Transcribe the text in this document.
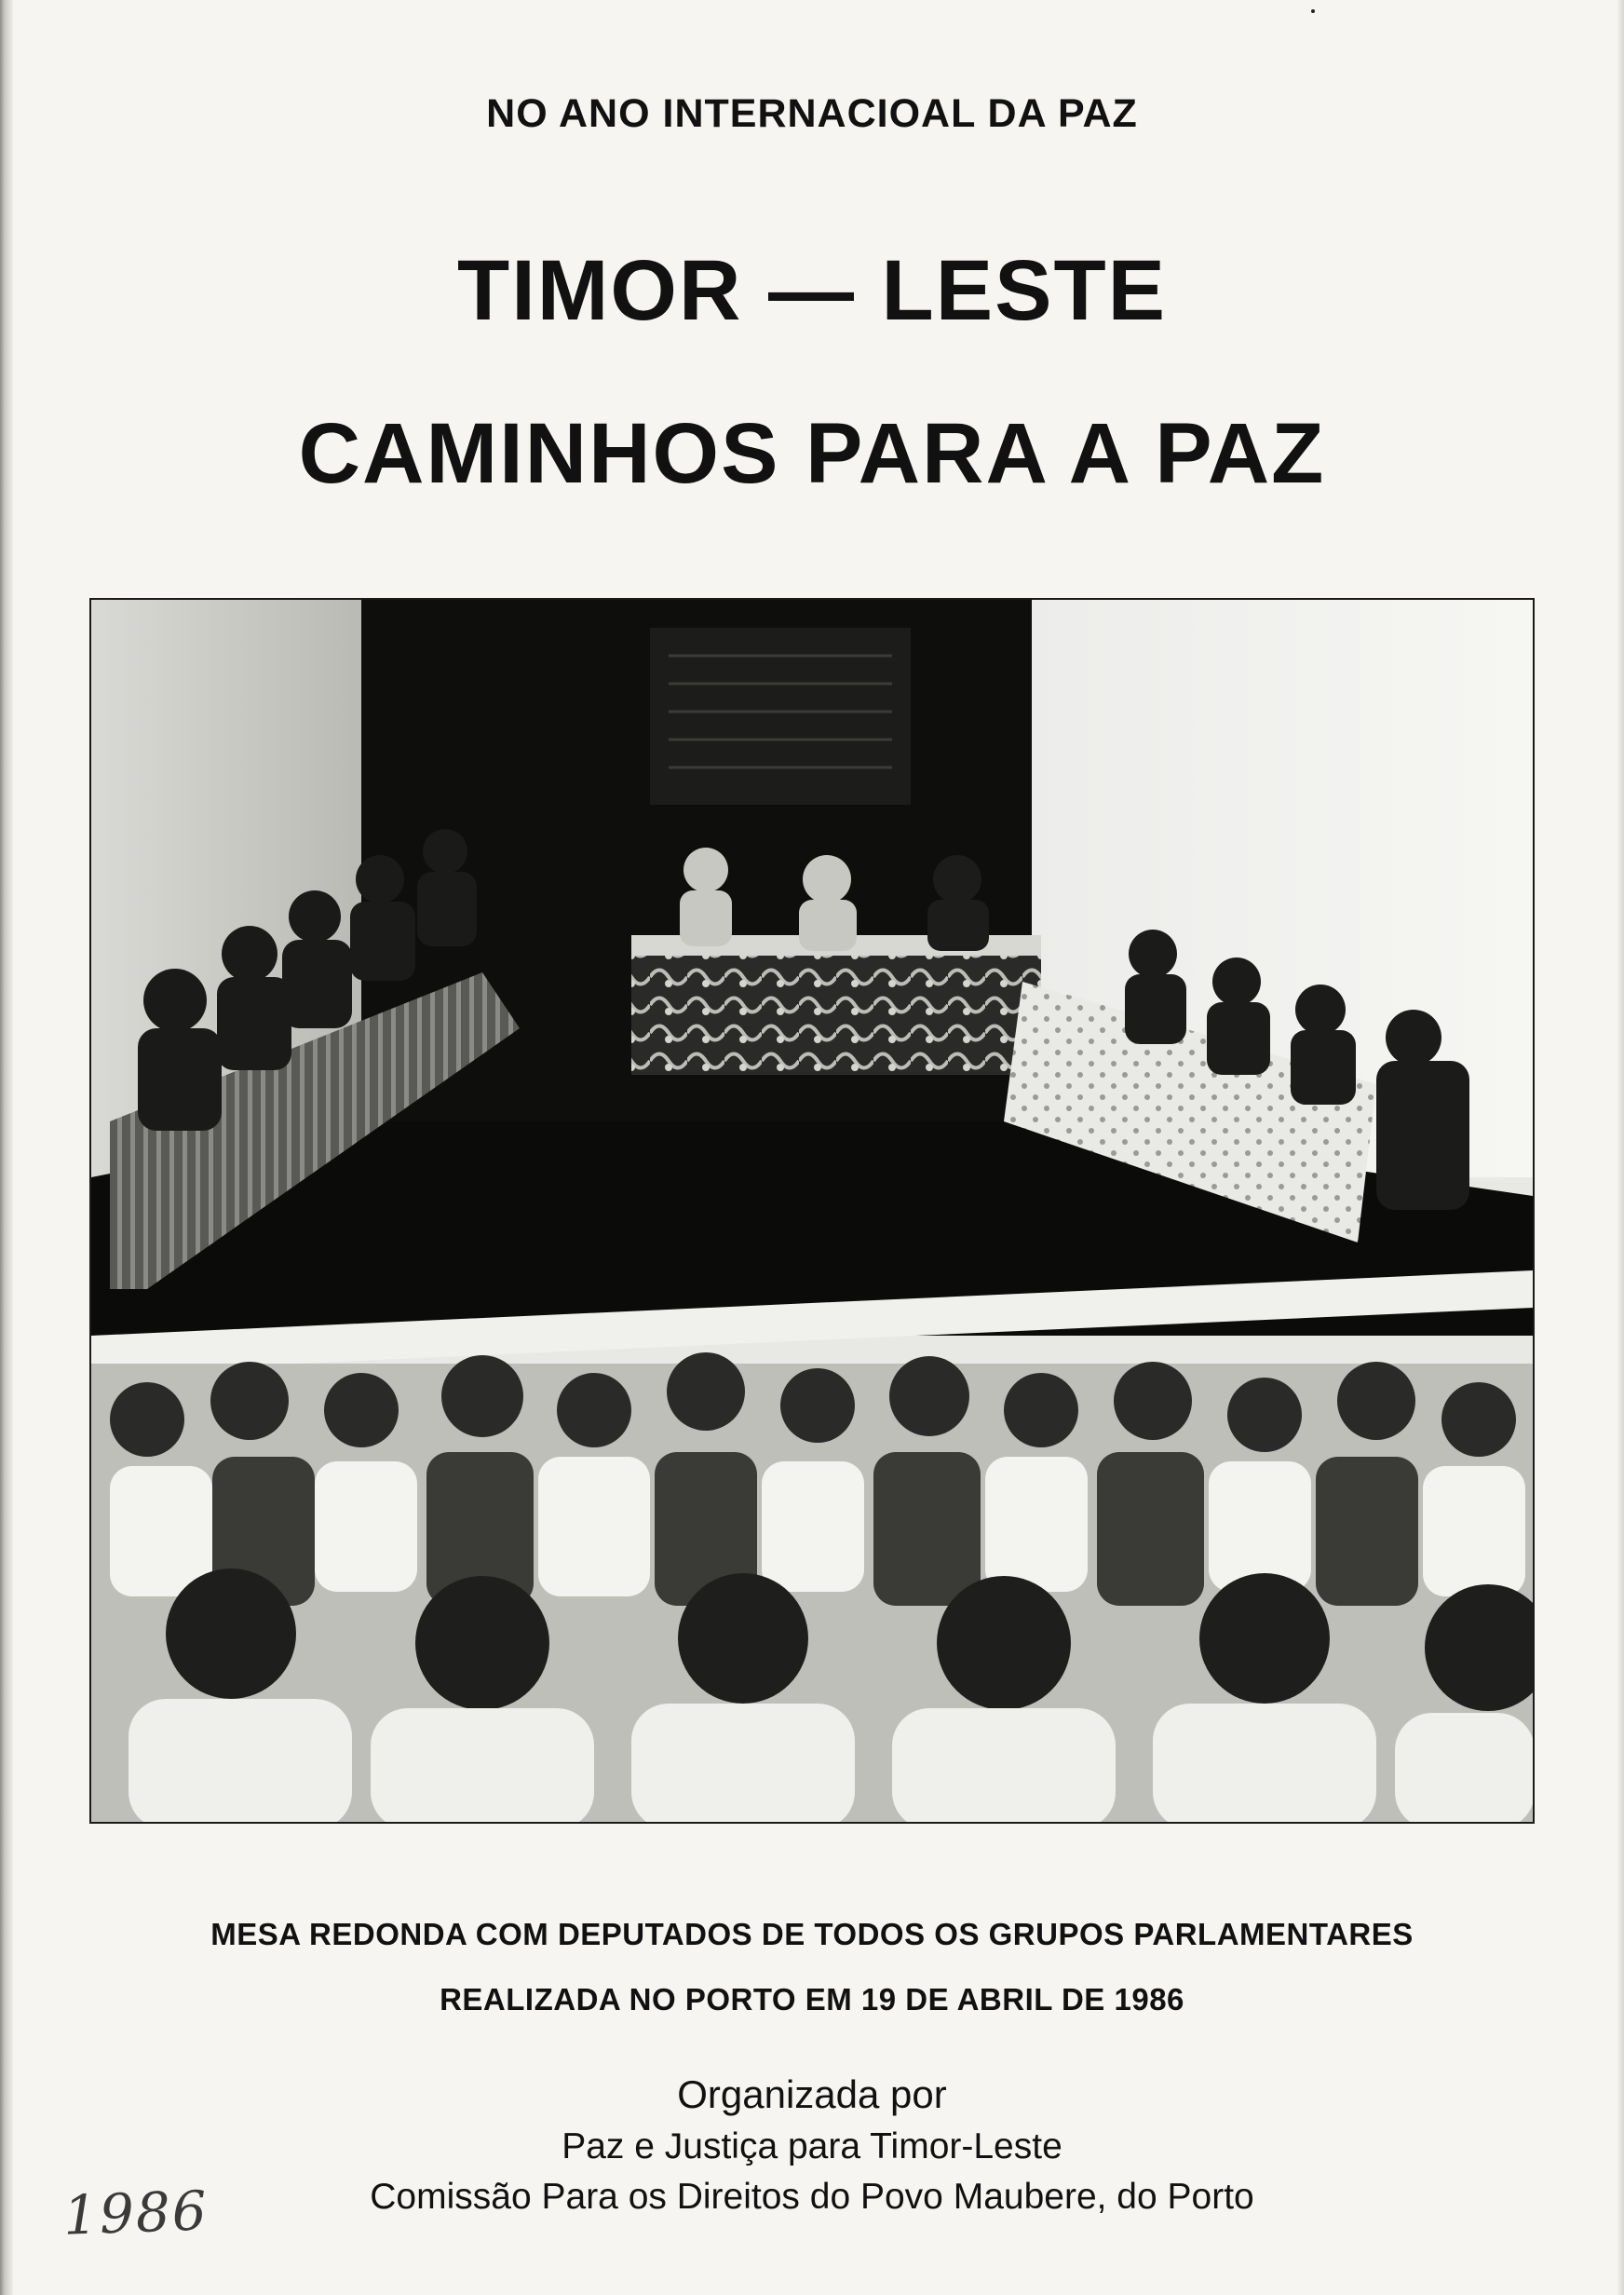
NO ANO INTERNACIOAL DA PAZ
TIMOR — LESTE
CAMINHOS PARA A PAZ
MESA REDONDA COM DEPUTADOS DE TODOS OS GRUPOS PARLAMENTARES
REALIZADA NO PORTO EM 19 DE ABRIL DE 1986
Organizada por
Paz e Justiça para Timor-Leste
Comissão Para os Direitos do Povo Maubere, do Porto
1986
